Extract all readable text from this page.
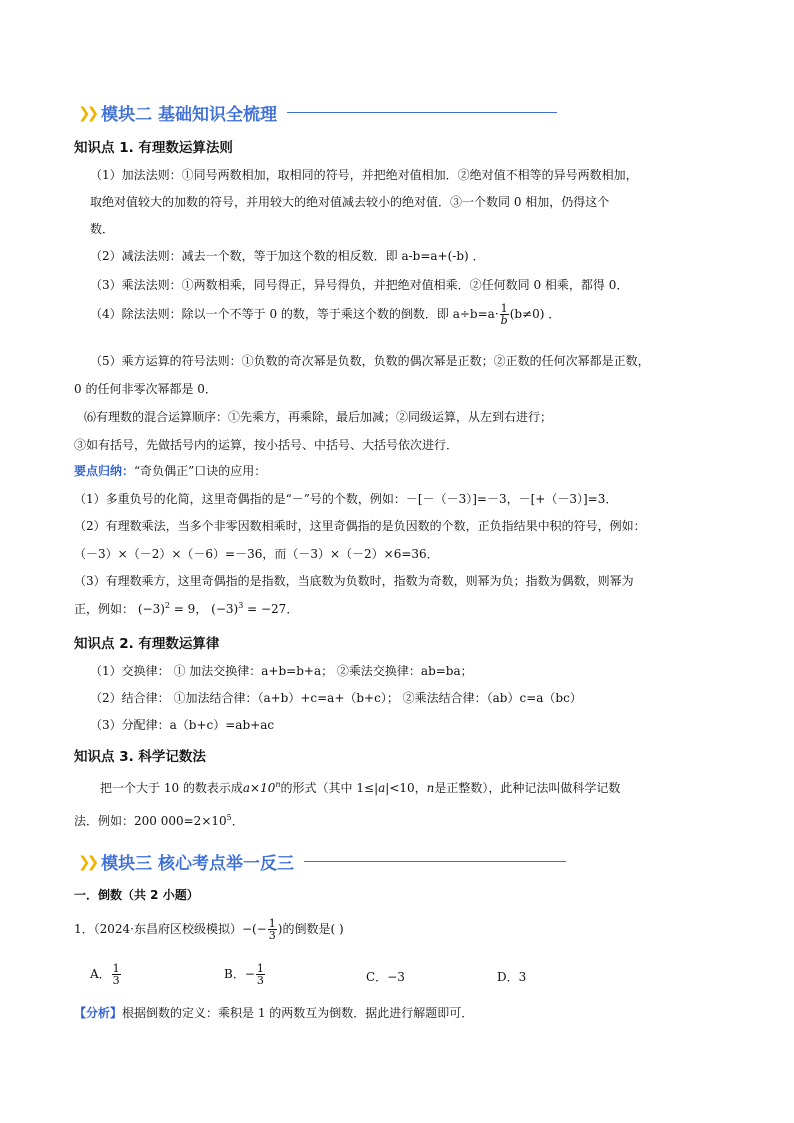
❯❯ 模块二 基础知识全梳理
知识点 1. 有理数运算法则
（1）加法法则：①同号两数相加，取相同的符号，并把绝对值相加．②绝对值不相等的异号两数相加，
取绝对值较大的加数的符号，并用较大的绝对值减去较小的绝对值．③一个数同 0 相加，仍得这个
数．
（2）减法法则：减去一个数，等于加这个数的相反数．即 a-b=a+(-b) ．
（3）乘法法则：①两数相乘，同号得正，异号得负，并把绝对值相乘．②任何数同 0 相乘，都得 0．
（4）除法法则：除以一个不等于 0 的数，等于乘这个数的倒数．即 $a\div b=a\cdot \frac{1}{b} (b\ne 0)$ ．
（5）乘方运算的符号法则：①负数的奇次幂是负数，负数的偶次幂是正数；②正数的任何次幂都是正数，
0 的任何非零次幂都是 0．
⑹有理数的混合运算顺序：①先乘方，再乘除，最后加减；②同级运算，从左到右进行；
③如有括号，先做括号内的运算，按小括号、中括号、大括号依次进行．
要点归纳：“奇负偶正”口诀的应用：
（1）多重负号的化简，这里奇偶指的是“－”号的个数，例如：－[－（－3）]=－3，－[+（－3）]=3．
（2）有理数乘法，当多个非零因数相乘时，这里奇偶指的是负因数的个数，正负指结果中积的符号，例如：
（－3）×（－2）×（－6）=－36，而（－3）×（－2）×6=36．
（3）有理数乘方，这里奇偶指的是指数，当底数为负数时，指数为奇数，则幂为负；指数为偶数，则幂为
正，例如： $(-3)^2 = 9$， $(-3)^3 = -27$．
知识点 2. 有理数运算律
（1）交换律： ① 加法交换律：a+b=b+a； ②乘法交换律：ab=ba；
（2）结合律： ①加法结合律：（a+b）+c=a+（b+c）； ②乘法结合律：（ab）c=a（bc）
（3）分配律：a（b+c）=ab+ac
知识点 3. 科学记数法
把一个大于 10 的数表示成$a\times 10^n$的形式（其中 1≤|a|<10，n是正整数），此种记法叫做科学记数
法．例如：200 $000=2\times 10^5$．
❯❯ 模块三 核心考点举一反三
一．倒数（共 2 小题）
1．（2024·东昌府区校级模拟）−(− $\frac{1}{3}$ )的倒数是( )
A． $\frac{1}{3}$	B．− $\frac{1}{3}$	C．−3	D．3
【分析】根据倒数的定义：乘积是 1 的两数互为倒数．据此进行解题即可．
